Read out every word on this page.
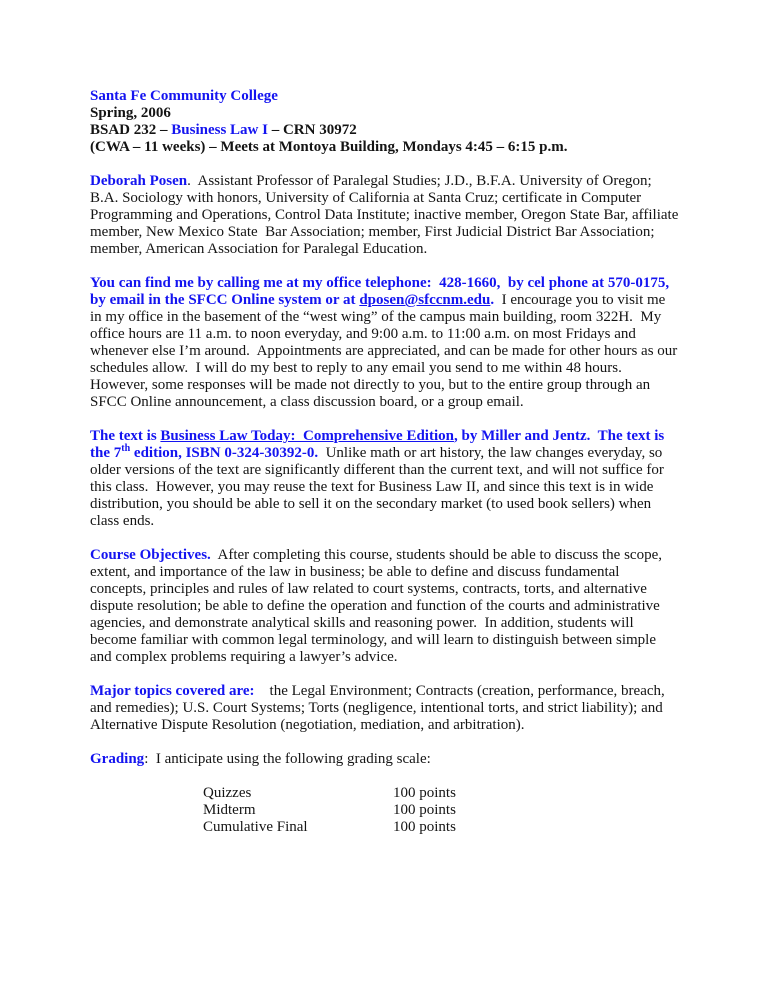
Santa Fe Community College
Spring, 2006
BSAD 232 – Business Law I – CRN 30972
(CWA – 11 weeks) – Meets at Montoya Building, Mondays 4:45 – 6:15 p.m.

Deborah Posen.  Assistant Professor of Paralegal Studies; J.D., B.F.A. University of Oregon; B.A. Sociology with honors, University of California at Santa Cruz; certificate in Computer Programming and Operations, Control Data Institute; inactive member, Oregon State Bar, affiliate member, New Mexico State  Bar Association; member, First Judicial District Bar Association; member, American Association for Paralegal Education.

You can find me by calling me at my office telephone:  428-1660,  by cel phone at 570-0175, by email in the SFCC Online system or at dposen@sfccnm.edu.  I encourage you to visit me in my office in the basement of the “west wing” of the campus main building, room 322H.  My office hours are 11 a.m. to noon everyday, and 9:00 a.m. to 11:00 a.m. on most Fridays and whenever else I’m around.  Appointments are appreciated, and can be made for other hours as our schedules allow.  I will do my best to reply to any email you send to me within 48 hours. However, some responses will be made not directly to you, but to the entire group through an SFCC Online announcement, a class discussion board, or a group email.

The text is Business Law Today:  Comprehensive Edition, by Miller and Jentz.  The text is the 7th edition, ISBN 0-324-30392-0.  Unlike math or art history, the law changes everyday, so older versions of the text are significantly different than the current text, and will not suffice for this class.  However, you may reuse the text for Business Law II, and since this text is in wide distribution, you should be able to sell it on the secondary market (to used book sellers) when class ends.

Course Objectives.  After completing this course, students should be able to discuss the scope, extent, and importance of the law in business; be able to define and discuss fundamental concepts, principles and rules of law related to court systems, contracts, torts, and alternative dispute resolution; be able to define the operation and function of the courts and administrative agencies, and demonstrate analytical skills and reasoning power.  In addition, students will become familiar with common legal terminology, and will learn to distinguish between simple and complex problems requiring a lawyer’s advice.

Major topics covered are:    the Legal Environment; Contracts (creation, performance, breach, and remedies); U.S. Court Systems; Torts (negligence, intentional torts, and strict liability); and Alternative Dispute Resolution (negotiation, mediation, and arbitration).

Grading:  I anticipate using the following grading scale:

Quizzes	100 points
Midterm	100 points
Cumulative Final	100 points
